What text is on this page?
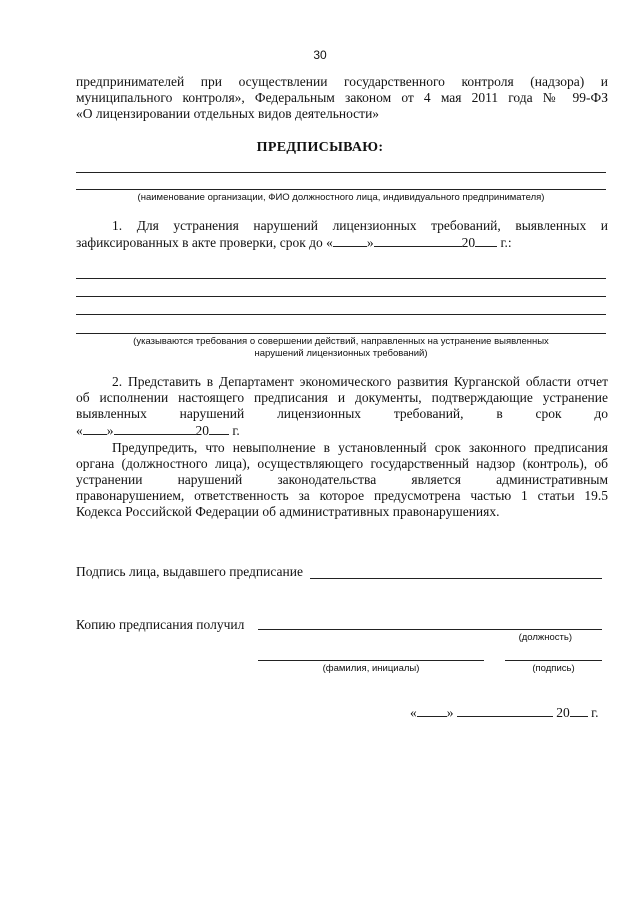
30
предпринимателей при осуществлении государственного контроля (надзора) и
муниципального контроля», Федеральным законом от 4 мая 2011 года № 99-ФЗ
«О лицензировании отдельных видов деятельности»
ПРЕДПИСЫВАЮ:
(наименование организации, ФИО должностного лица, индивидуального предпринимателя)
1. Для устранения нарушений лицензионных требований, выявленных и
зафиксированных в акте проверки, срок до «	»	20 г.:
(указываются требования о совершении действий, направленных на устранение выявленных
нарушений лицензионных требований)
2. Представить в Департамент экономического развития Курганской области отчет
об исполнении настоящего предписания и документы, подтверждающие устранение
выявленных нарушений лицензионных требований, в срок до
« »	20 г.
Предупредить, что невыполнение в установленный срок законного предписания
органа (должностного лица), осуществляющего государственный надзор (контроль), об
устранении нарушений законодательства является административным
правонарушением, ответственность за которое предусмотрена частью 1 статьи 19.5
Кодекса Российской Федерации об административных правонарушениях.
Подпись лица, выдавшего предписание
Копию предписания получил
(должность)
(фамилия, инициалы)	(подпись)
« »	20 г.
